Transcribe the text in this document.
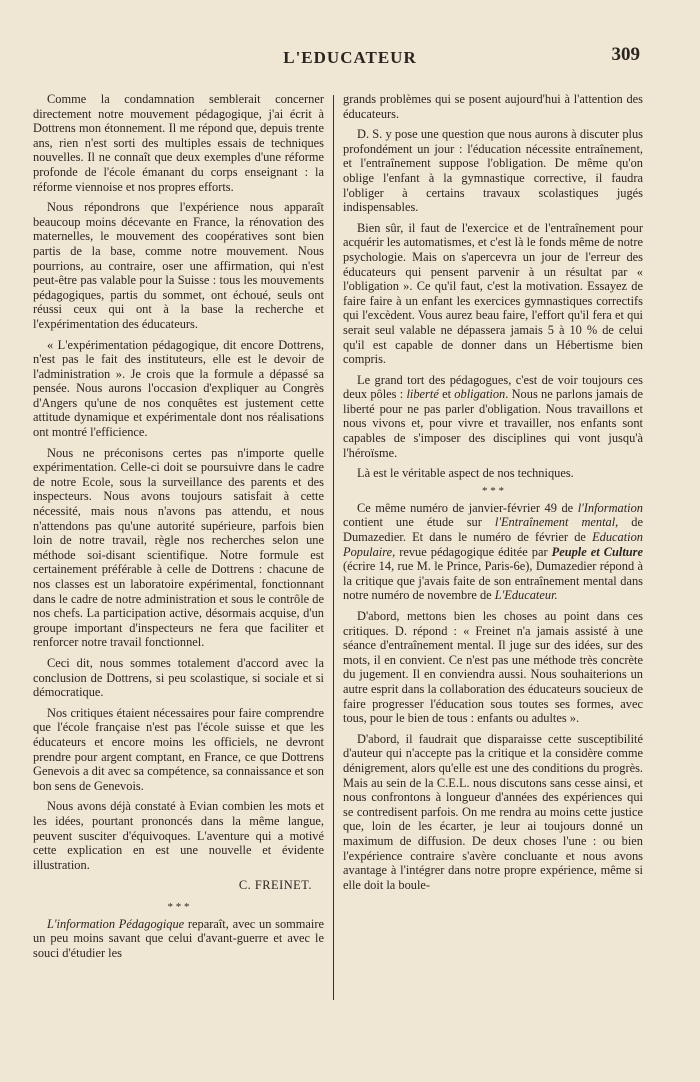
L'EDUCATEUR	309

Comme la condamnation semblerait concerner directement notre mouvement pédagogique, j'ai écrit à Dottrens mon étonnement. Il me répond que, depuis trente ans, rien n'est sorti des multiples essais de techniques nouvelles. Il ne connaît que deux exemples d'une réforme profonde de l'école émanant du corps enseignant : la réforme viennoise et nos propres efforts.

Nous répondrons que l'expérience nous apparaît beaucoup moins décevante en France, la rénovation des maternelles, le mouvement des coopératives sont bien partis de la base, comme notre mouvement. Nous pourrions, au contraire, oser une affirmation, qui n'est peut-être pas valable pour la Suisse : tous les mouvements pédagogiques, partis du sommet, ont échoué, seuls ont réussi ceux qui ont à la base la recherche et l'expérimentation des éducateurs.

« L'expérimentation pédagogique, dit encore Dottrens, n'est pas le fait des instituteurs, elle est le devoir de l'administration ». Je crois que la formule a dépassé sa pensée. Nous aurons l'occasion d'expliquer au Congrès d'Angers qu'une de nos conquêtes est justement cette attitude dynamique et expérimentale dont nos réalisations ont montré l'efficience.

Nous ne préconisons certes pas n'importe quelle expérimentation. Celle-ci doit se poursuivre dans le cadre de notre Ecole, sous la surveillance des parents et des inspecteurs. Nous avons toujours satisfait à cette nécessité, mais nous n'avons pas attendu, et nous n'attendons pas qu'une autorité supérieure, parfois bien loin de notre travail, règle nos recherches selon une méthode soi-disant scientifique. Notre formule est certainement préférable à celle de Dottrens : chacune de nos classes est un laboratoire expérimental, fonctionnant dans le cadre de notre administration et sous le contrôle de nos chefs. La participation active, désormais acquise, d'un groupe important d'inspecteurs ne fera que faciliter et renforcer notre travail fonctionnel.

Ceci dit, nous sommes totalement d'accord avec la conclusion de Dottrens, si peu scolastique, si sociale et si démocratique.

Nos critiques étaient nécessaires pour faire comprendre que l'école française n'est pas l'école suisse et que les éducateurs et encore moins les officiels, ne devront prendre pour argent comptant, en France, ce que Dottrens Genevois a dit avec sa compétence, sa connaissance et son bon sens de Genevois.

Nous avons déjà constaté à Evian combien les mots et les idées, pourtant prononcés dans la même langue, peuvent susciter d'équivoques. L'aventure qui a motivé cette explication en est une nouvelle et évidente illustration.

C. FREINET.
* * *

L'information Pédagogique reparaît, avec un sommaire un peu moins savant que celui d'avant-guerre et avec le souci d'étudier les

grands problèmes qui se posent aujourd'hui à l'attention des éducateurs.

D. S. y pose une question que nous aurons à discuter plus profondément un jour : l'éducation nécessite entraînement, et l'entraînement suppose l'obligation. De même qu'on oblige l'enfant à la gymnastique corrective, il faudra l'obliger à certains travaux scolastiques jugés indispensables.

Bien sûr, il faut de l'exercice et de l'entraînement pour acquérir les automatismes, et c'est là le fonds même de notre psychologie. Mais on s'apercevra un jour de l'erreur des éducateurs qui pensent parvenir à un résultat par « l'obligation ». Ce qu'il faut, c'est la motivation. Essayez de faire faire à un enfant les exercices gymnastiques correctifs qui l'excèdent. Vous aurez beau faire, l'effort qu'il fera et qui serait seul valable ne dépassera jamais 5 à 10 % de celui qu'il est capable de donner dans un Hébertisme bien compris.

Le grand tort des pédagogues, c'est de voir toujours ces deux pôles : liberté et obligation. Nous ne parlons jamais de liberté pour ne pas parler d'obligation. Nous travaillons et nous vivons et, pour vivre et travailler, nos enfants sont capables de s'imposer des disciplines qui vont jusqu'à l'héroïsme.

Là est le véritable aspect de nos techniques.

* * *

Ce même numéro de janvier-février 49 de l'Information contient une étude sur l'Entraînement mental, de Dumazedier. Et dans le numéro de février de Education Populaire, revue pédagogique éditée par Peuple et Culture (écrire 14, rue M. le Prince, Paris-6e), Dumazedier répond à la critique que j'avais faite de son entraînement mental dans notre numéro de novembre de L'Educateur.

D'abord, mettons bien les choses au point dans ces critiques. D. répond : « Freinet n'a jamais assisté à une séance d'entraînement mental. Il juge sur des idées, sur des mots, il en convient. Ce n'est pas une méthode très concrète du jugement. Il en conviendra aussi. Nous souhaiterions un autre esprit dans la collaboration des éducateurs soucieux de faire progresser l'éducation sous toutes ses formes, avec tous, pour le bien de tous : enfants ou adultes ».

D'abord, il faudrait que disparaisse cette susceptibilité d'auteur qui n'accepte pas la critique et la considère comme dénigrement, alors qu'elle est une des conditions du progrès. Mais au sein de la C.E.L. nous discutons sans cesse ainsi, et nous confrontons à longueur d'années des expériences qui se contredisent parfois. On me rendra au moins cette justice que, loin de les écarter, je leur ai toujours donné un maximum de diffusion. De deux choses l'une : ou bien l'expérience contraire s'avère concluante et nous avons avantage à l'intégrer dans notre propre expérience, même si elle doit la boule-
